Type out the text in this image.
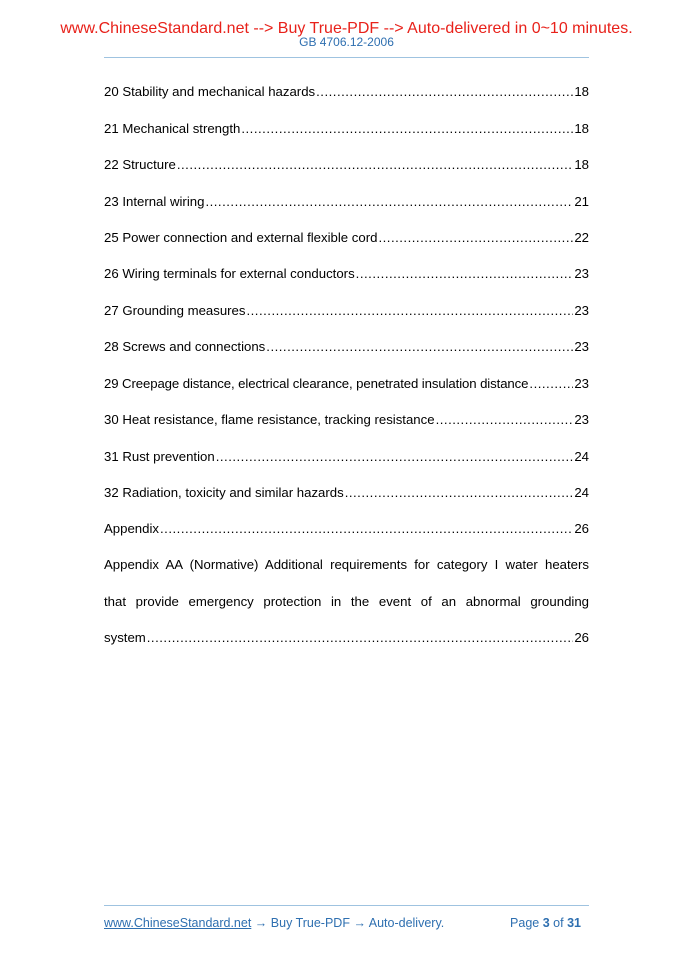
www.ChineseStandard.net --> Buy True-PDF --> Auto-delivered in 0~10 minutes.
GB 4706.12-2006
20 Stability and mechanical hazards .....	18
21 Mechanical strength .....	18
22 Structure .....	18
23 Internal wiring .....	21
25 Power connection and external flexible cord .....	22
26 Wiring terminals for external conductors .....	23
27 Grounding measures .....	23
28 Screws and connections .....	23
29 Creepage distance, electrical clearance, penetrated insulation distance .....	23
30 Heat resistance, flame resistance, tracking resistance .....	23
31 Rust prevention .....	24
32 Radiation, toxicity and similar hazards .....	24
Appendix .....	26
Appendix AA (Normative) Additional requirements for category I water heaters
that provide emergency protection in the event of an abnormal grounding
system .....	26
www.ChineseStandard.net → Buy True-PDF → Auto-delivery.	Page 3 of 31
